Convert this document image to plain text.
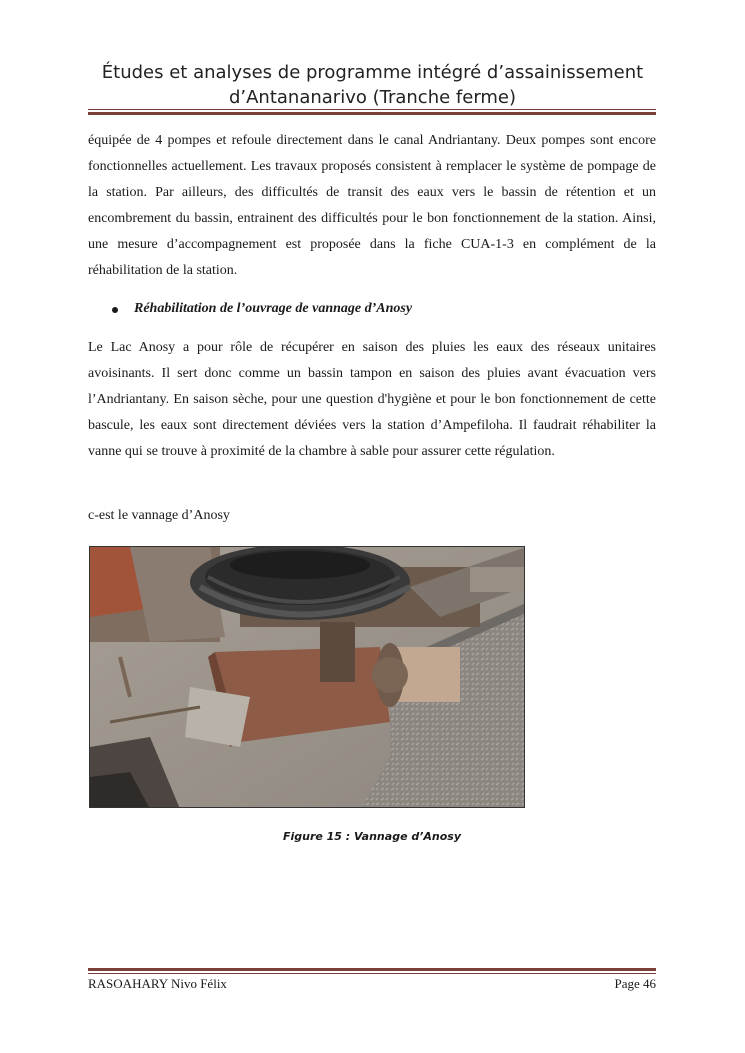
Études et analyses de programme intégré d’assainissement
d’Antananarivo (Tranche ferme)

équipée de 4 pompes et refoule directement dans le canal Andriantany. Deux pompes sont encore fonctionnelles actuellement. Les travaux proposés consistent à remplacer le système de pompage de la station. Par ailleurs, des difficultés de transit des eaux vers le bassin de rétention et un encombrement du bassin, entrainent des difficultés pour le bon fonctionnement de la station. Ainsi, une mesure d’accompagnement est proposée dans la fiche CUA-1-3 en complément de la réhabilitation de la station.

Réhabilitation de l’ouvrage de vannage d’Anosy

Le Lac Anosy a pour rôle de récupérer en saison des pluies les eaux des réseaux unitaires avoisinants. Il sert donc comme un bassin tampon en saison des pluies avant évacuation vers l’Andriantany. En saison sèche, pour une question d'hygiène et pour le bon fonctionnement de cette bascule, les eaux sont directement déviées vers la station d’Ampefiloha. Il faudrait réhabiliter la vanne qui se trouve à proximité de la chambre à sable pour assurer cette régulation.

c-est le vannage d’Anosy
Figure 15 : Vannage d’Anosy
RASOAHARY Nivo Félix	Page 46
